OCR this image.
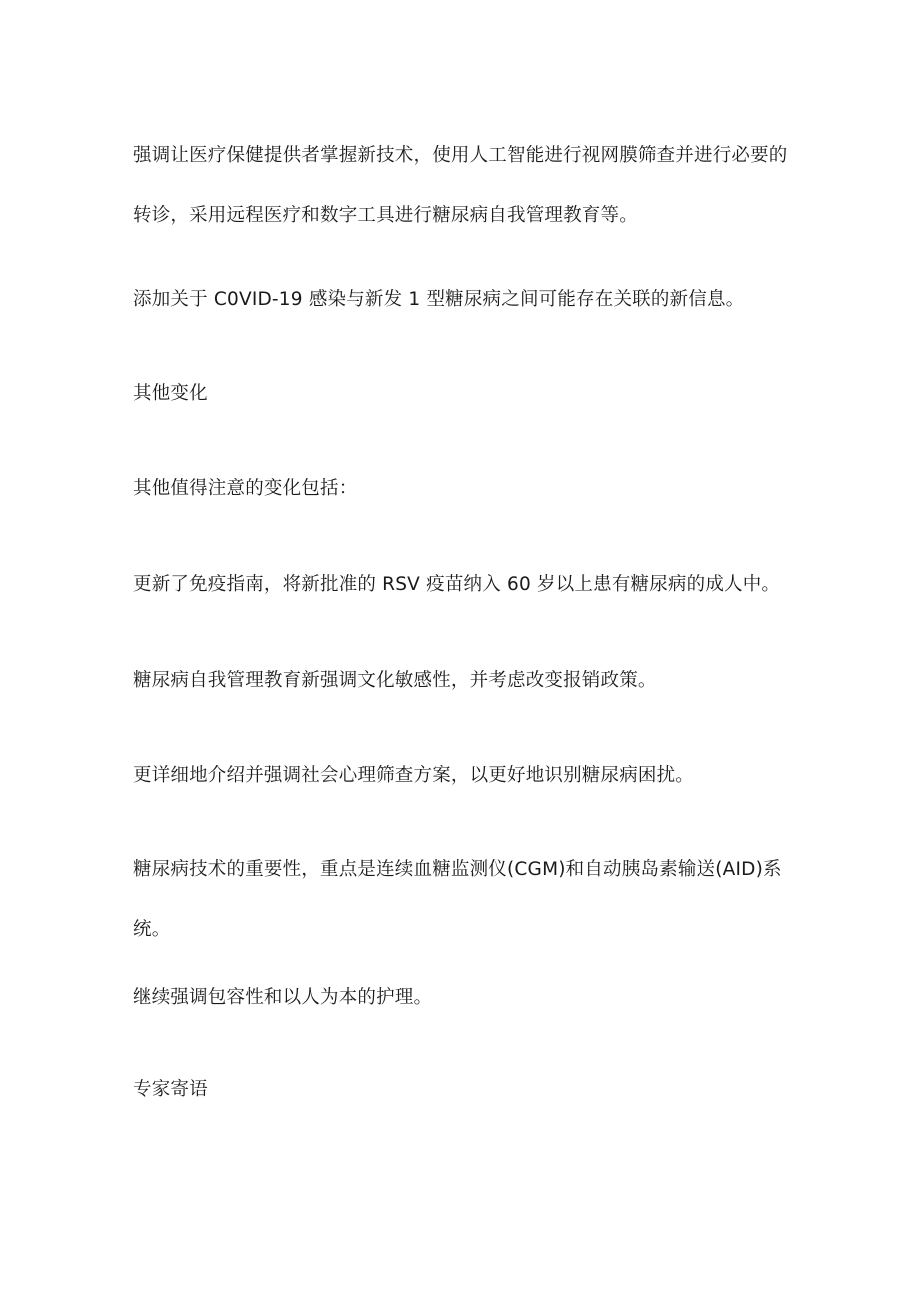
强调让医疗保健提供者掌握新技术，使用人工智能进行视网膜筛查并进行必要的转诊，采用远程医疗和数字工具进行糖尿病自我管理教育等。

添加关于 C0VID-19 感染与新发 1 型糖尿病之间可能存在关联的新信息。

其他变化

其他值得注意的变化包括：

更新了免疫指南，将新批准的 RSV 疫苗纳入 60 岁以上患有糖尿病的成人中。

糖尿病自我管理教育新强调文化敏感性，并考虑改变报销政策。

更详细地介绍并强调社会心理筛查方案，以更好地识别糖尿病困扰。

糖尿病技术的重要性，重点是连续血糖监测仪(CGM)和自动胰岛素输送(AID)系统。

继续强调包容性和以人为本的护理。

专家寄语
